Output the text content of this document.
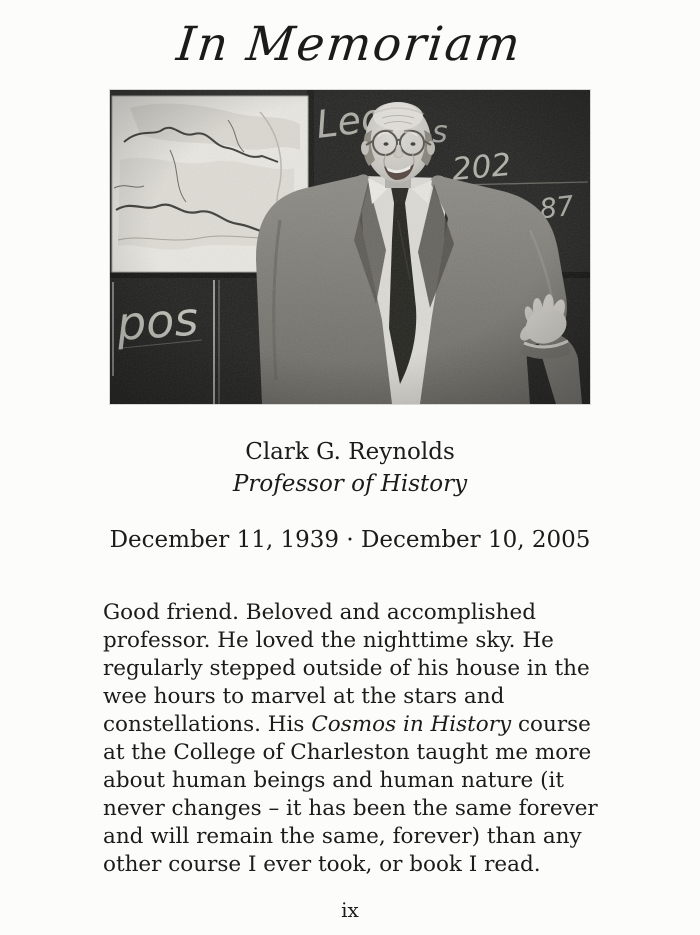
In Memoriam
Clark G. Reynolds
Professor of History
December 11, 1939 · December 10, 2005

Good friend. Beloved and accomplished professor. He loved the nighttime sky. He regularly stepped outside of his house in the wee hours to marvel at the stars and constellations. His Cosmos in History course at the College of Charleston taught me more about human beings and human nature (it never changes – it has been the same forever and will remain the same, forever) than any other course I ever took, or book I read.

ix
